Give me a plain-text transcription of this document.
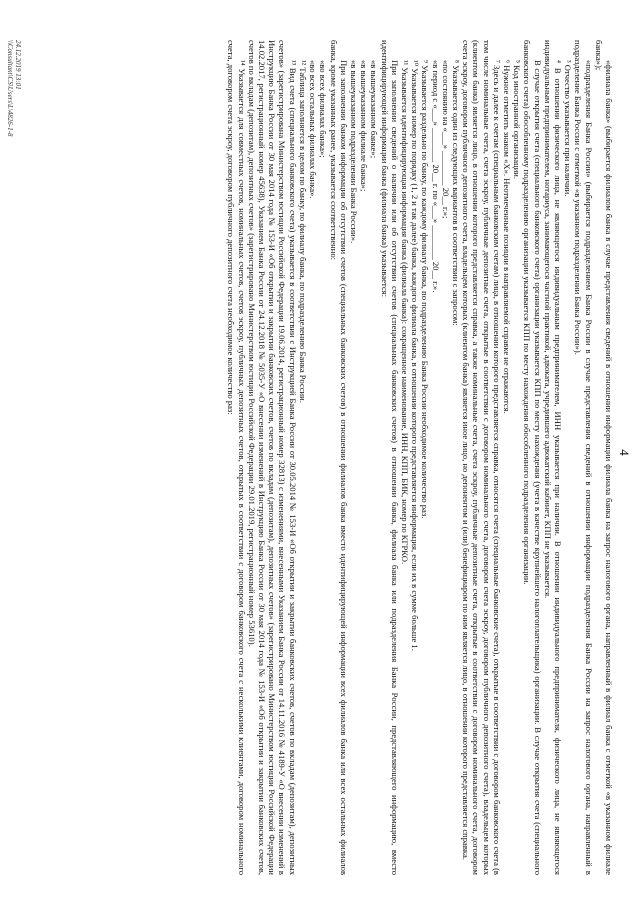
4

«филиала банка» (выбирается филиалом банка в случае представления сведений в отношении информации филиала банка на запрос налогового органа, направленный в филиал банка с отметкой «в указанном филиале банка»);

«подразделения Банка России» (выбирается подразделением Банка России в случае представления сведений в отношении информации подразделения Банка России на запрос налогового органа, направленный в подразделение Банка России с отметкой «в указанном подразделении Банка России»).

³ Отчество указывается при наличии.

⁴ В отношении физического лица, не являющегося индивидуальным предпринимателем, ИНН указывается при наличии. В отношении индивидуального предпринимателя, физического лица, не являющегося индивидуальным предпринимателем, нотариуса, занимающегося частной практикой, адвоката, учредившего адвокатский кабинет, КПП не указывается.

В случае открытия счета (специального банковского счета) организации указывается КПП по месту нахождения (учета в качестве крупнейшего налогоплательщика) организации. В случае открытия счета (специального банковского счета) обособленному подразделению организации указывается КПП по месту нахождения обособленного подразделения организации.

⁵ Код иностранной организации.

⁶ Нужное отметить знаком «Х». Неотмеченные позиции в направляемой справке не отражаются.

⁷ Здесь и далее к счетам (специальным банковским счетам) лица, в отношении которого представляется справка, относятся счета (специальные банковские счета), открытые в соответствии с договором банковского счета (в том числе номинальные счета, счета эскроу, публичные депозитные счета, открытые в соответствии с договором номинального счета, договором счета эскроу, договором публичного депозитного счета), владельцем которых (клиентом банка) является лицо, в отношении которого представляется справка, а также номинальные счета, счета эскроу, публичные депозитные счета, открытые в соответствии с договором номинального счета, договором счета эскроу, договором публичного депозитного счета, владельцем которых (клиентом банка) является иное лицо, но депонентом и (или) бенефициаром по ним является лицо, в отношении которого представляется справка.

⁸ Указывается один из следующих вариантов в соответствии с запросом:

«по состоянию на «___» ________ 20__ г.»;

«в период с «___» ________ 20__ г. по «___» ________ 20__ г.».

⁹ Указывается раздельно по банку, по каждому филиалу банка, по подразделению Банка России необходимое количество раз.

¹⁰ Указывается номер по порядку (1, 2 и так далее) банка, каждого филиала банка, в отношении которого представляется информация, если их в сумме больше 1.

¹¹ Указывается идентифицирующая информация банка (филиала банка): сокращенное наименование, ИНН, КПП, БИК, номер по КГРКО.

При заполнении сведений о наличии или об отсутствии счетов (специальных банковских счетов) в отношении банка, филиала банка или подразделения Банка России, представляющего информацию, вместо идентифицирующей информации банка (филиала банка) указывается:

«в вышеуказанном банке»;

«в вышеуказанном филиале банка»;

«в вышеуказанном подразделении Банка России».

При заполнении банком информации об отсутствии счетов (специальных банковских счетов) в отношении филиалов банка вместо идентифицирующей информации всех филиалов банка или всех остальных филиалов банка, кроме указанных ранее, указывается соответственно:

«во всех филиалах банка»;

«во всех остальных филиалах банка».

¹² Таблица заполняется в целом по банку, по филиалу банка, по подразделению Банка России.

¹³ Вид счета (специального банковского счета) указывается в соответствии с Инструкцией Банка России от 30.05.2014 № 153-И «Об открытии и закрытии банковских счетов, счетов по вкладам (депозитам), депозитных счетов» (зарегистрирована Министерством юстиции Российской Федерации 19.06.2014, регистрационный номер 32813) с изменениями, внесенными Указанием Банка России от 14.11.2016 № 4189-У «О внесении изменений в Инструкцию Банка России от 30 мая 2014 года № 153-И «Об открытии и закрытии банковских счетов, счетов по вкладам (депозитам), депозитных счетов» (зарегистрировано Министерством юстиции Российской Федерации 14.02.2017, регистрационный номер 45638), Указанием Банка России от 24.12.2018 № 5035-У «О внесении изменений в Инструкцию Банка России от 30 мая 2014 года № 153-И «Об открытии и закрытии банковских счетов, счетов по вкладам (депозитам), депозитных счетов» (зарегистрировано Министерством юстиции Российской Федерации 29.01.2019, регистрационный номер 53610).

¹⁴ Указывается для совместных счетов, номинальных счетов, счетов эскроу, публичных депозитных счетов, открытых в соответствии с договором банковского счета с несколькими клиентами, договором номинального счета, договором счета эскроу, договором публичного депозитного счета необходимое количество раз:

24.12.2019 13:01
\\Consultant\CS\Users\L\4826-1-8
